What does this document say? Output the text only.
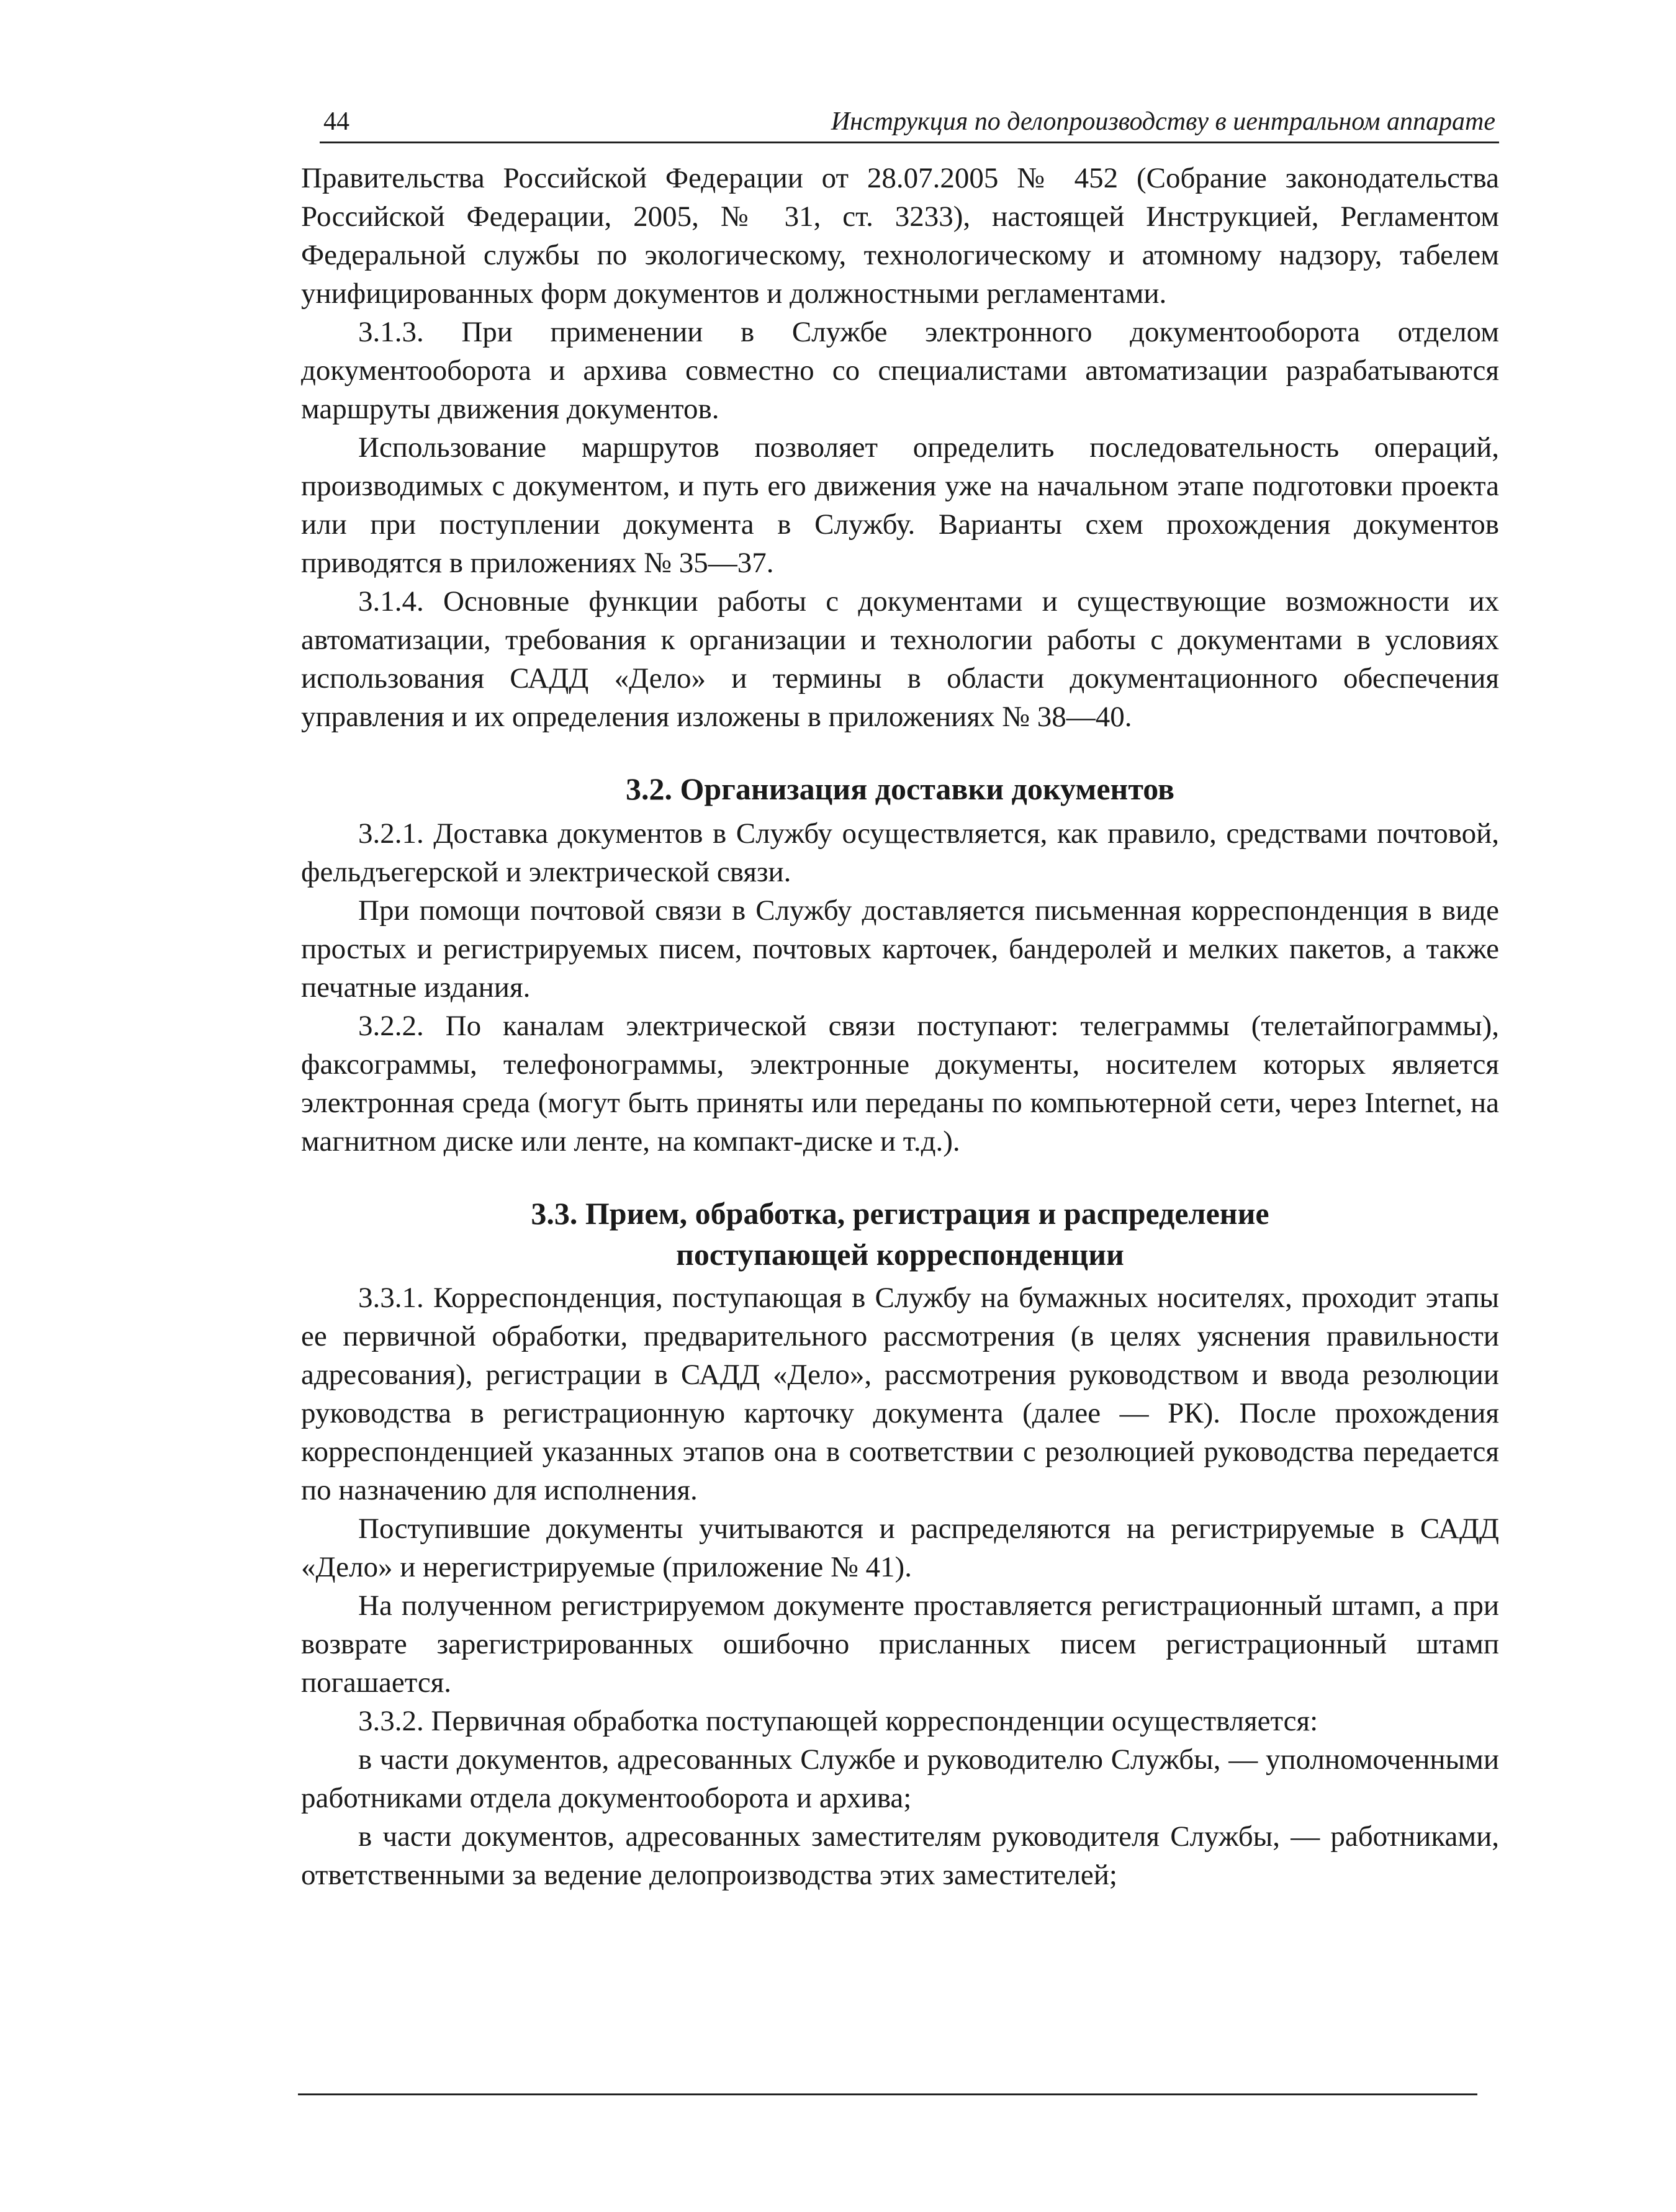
44	Инструкция по делопроизводству в иентральном аппарате

Правительства Российской Федерации от 28.07.2005 № 452 (Собрание законодательства Российской Федерации, 2005, № 31, ст. 3233), настоящей Инструкцией, Регламентом Федеральной службы по экологическому, технологическому и атомному надзору, табелем унифицированных форм документов и должностными регламентами.

3.1.3. При применении в Службе электронного документооборота отделом документооборота и архива совместно со специалистами автоматизации разрабатываются маршруты движения документов.

Использование маршрутов позволяет определить последовательность операций, производимых с документом, и путь его движения уже на начальном этапе подготовки проекта или при поступлении документа в Службу. Варианты схем прохождения документов приводятся в приложениях № 35—37.

3.1.4. Основные функции работы с документами и существующие возможности их автоматизации, требования к организации и технологии работы с документами в условиях использования САДД «Дело» и термины в области документационного обеспечения управления и их определения изложены в приложениях № 38—40.

3.2. Организация доставки документов

3.2.1. Доставка документов в Службу осуществляется, как правило, средствами почтовой, фельдъегерской и электрической связи.

При помощи почтовой связи в Службу доставляется письменная корреспонденция в виде простых и регистрируемых писем, почтовых карточек, бандеролей и мелких пакетов, а также печатные издания.

3.2.2. По каналам электрической связи поступают: телеграммы (телетайпограммы), факсограммы, телефонограммы, электронные документы, носителем которых является электронная среда (могут быть приняты или переданы по компьютерной сети, через Internet, на магнитном диске или ленте, на компакт-диске и т.д.).

3.3. Прием, обработка, регистрация и распределение
поступающей корреспонденции

3.3.1. Корреспонденция, поступающая в Службу на бумажных носителях, проходит этапы ее первичной обработки, предварительного рассмотрения (в целях уяснения правильности адресования), регистрации в САДД «Дело», рассмотрения руководством и ввода резолюции руководства в регистрационную карточку документа (далее — РК). После прохождения корреспонденцией указанных этапов она в соответствии с резолюцией руководства передается по назначению для исполнения.

Поступившие документы учитываются и распределяются на регистрируемые в САДД «Дело» и нерегистрируемые (приложение № 41).

На полученном регистрируемом документе проставляется регистрационный штамп, а при возврате зарегистрированных ошибочно присланных писем регистрационный штамп погашается.

3.3.2. Первичная обработка поступающей корреспонденции осуществляется:

в части документов, адресованных Службе и руководителю Службы, — уполномоченными работниками отдела документооборота и архива;

в части документов, адресованных заместителям руководителя Службы, — работниками, ответственными за ведение делопроизводства этих заместителей;
